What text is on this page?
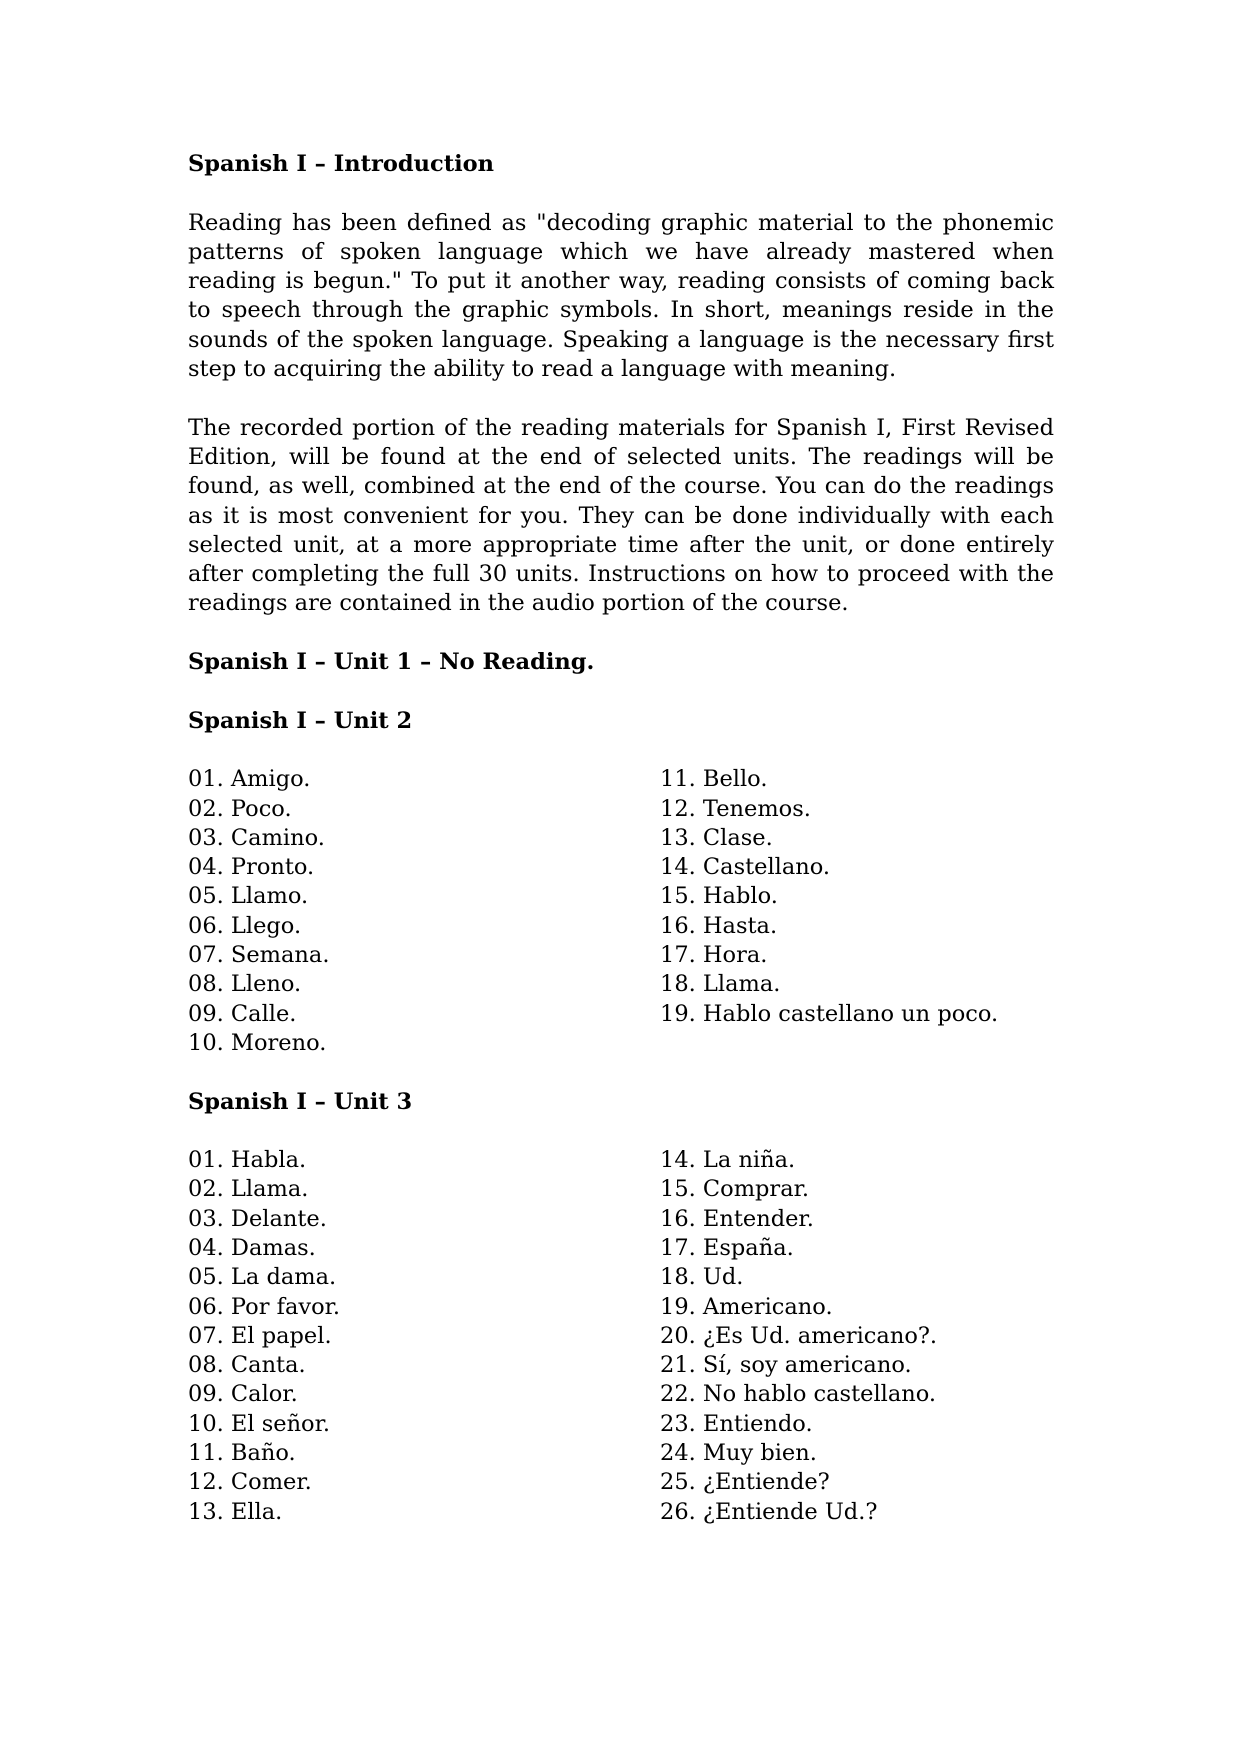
Spanish I – Introduction

Reading has been defined as "decoding graphic material to the phonemic patterns of spoken language which we have already mastered when reading is begun." To put it another way, reading consists of coming back to speech through the graphic symbols. In short, meanings reside in the sounds of the spoken language. Speaking a language is the necessary first step to acquiring the ability to read a language with meaning.

The recorded portion of the reading materials for Spanish I, First Revised Edition, will be found at the end of selected units. The readings will be found, as well, combined at the end of the course. You can do the readings as it is most convenient for you. They can be done individually with each selected unit, at a more appropriate time after the unit, or done entirely after completing the full 30 units. Instructions on how to proceed with the readings are contained in the audio portion of the course.

Spanish I – Unit 1 – No Reading.

Spanish I – Unit 2

01. Amigo.
02. Poco.
03. Camino.
04. Pronto.
05. Llamo.
06. Llego.
07. Semana.
08. Lleno.
09. Calle.
10. Moreno.
11. Bello.
12. Tenemos.
13. Clase.
14. Castellano.
15. Hablo.
16. Hasta.
17. Hora.
18. Llama.
19. Hablo castellano un poco.

Spanish I – Unit 3

01. Habla.
02. Llama.
03. Delante.
04. Damas.
05. La dama.
06. Por favor.
07. El papel.
08. Canta.
09. Calor.
10. El señor.
11. Baño.
12. Comer.
13. Ella.
14. La niña.
15. Comprar.
16. Entender.
17. España.
18. Ud.
19. Americano.
20. ¿Es Ud. americano?.
21. Sí, soy americano.
22. No hablo castellano.
23. Entiendo.
24. Muy bien.
25. ¿Entiende?
26. ¿Entiende Ud.?
